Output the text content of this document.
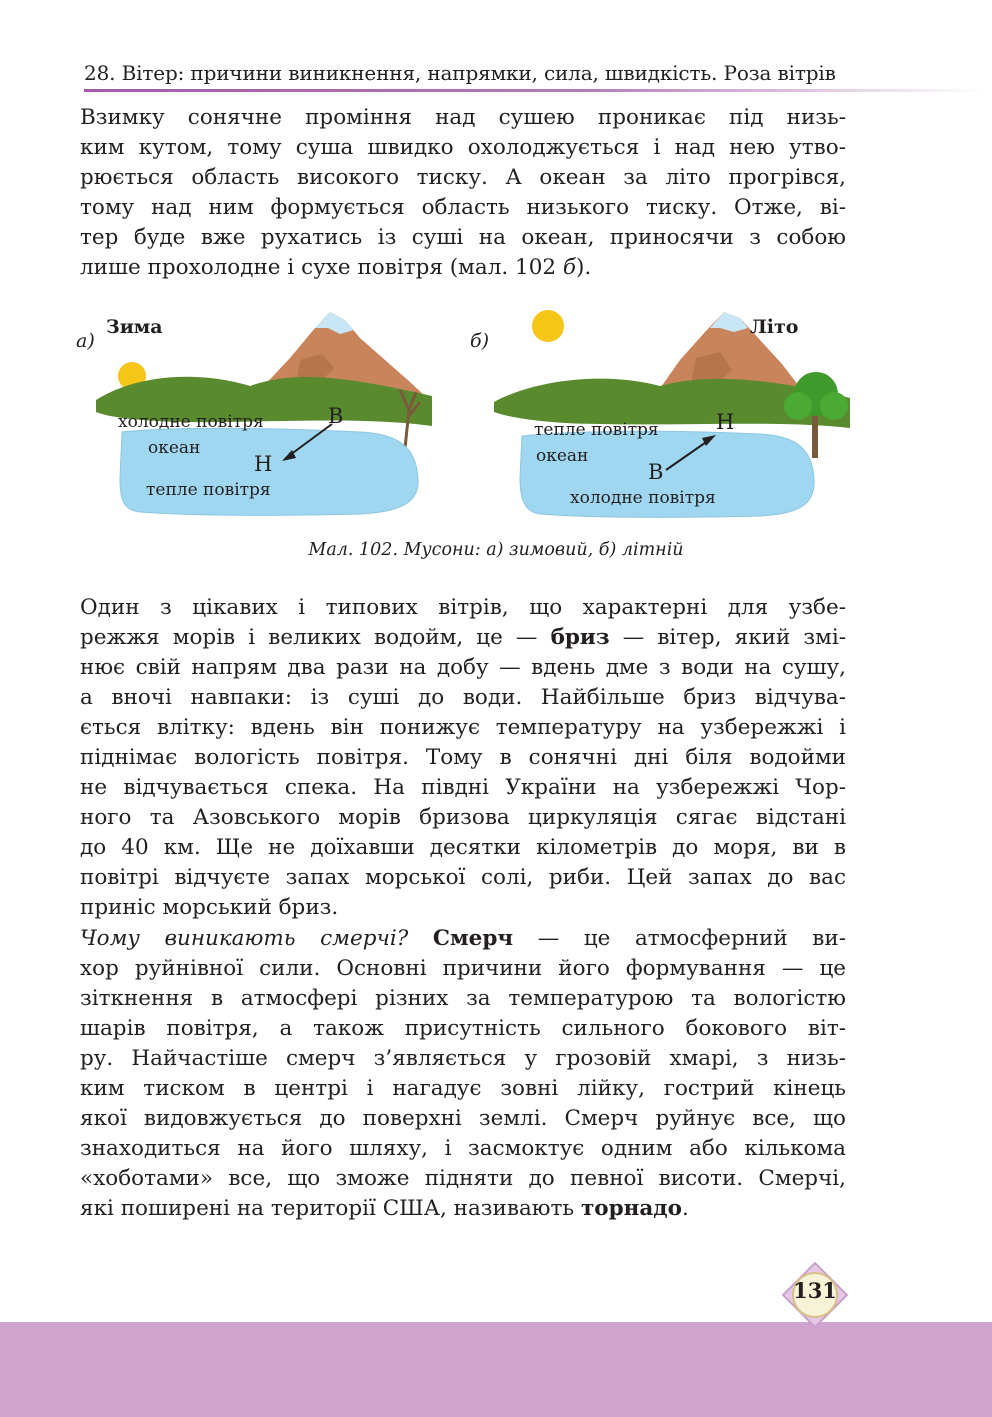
28. Вітер: причини виникнення, напрямки, сила, швидкість. Роза вітрів
Взимку сонячне проміння над сушею проникає під низь-
ким кутом, тому суша швидко охолоджується і над нею утво-
рюється область високого тиску. А океан за літо прогрівся,
тому над ним формується область низького тиску. Отже, ві-
тер буде вже рухатись із суші на океан, приносячи з собою
лише прохолодне і сухе повітря (мал. 102 б).
а)
Зима
холодне повітря	В
океан
Н
тепле повітря
б)
Літо
тепле повітря	Н
океан
В
холодне повітря
Мал. 102. Мусони: а) зимовий, б) літній
Один з цікавих і типових вітрів, що характерні для узбе-
режжя морів і великих водойм, це — бриз — вітер, який змі-
нює свій напрям два рази на добу — вдень дме з води на сушу,
а вночі навпаки: із суші до води. Найбільше бриз відчува-
ється влітку: вдень він понижує температуру на узбережжі і
піднімає вологість повітря. Тому в сонячні дні біля водойми
не відчувається спека. На півдні України на узбережжі Чор-
ного та Азовського морів бризова циркуляція сягає відстані
до 40 км. Ще не доїхавши десятки кілометрів до моря, ви в
повітрі відчуєте запах морської солі, риби. Цей запах до вас
приніс морський бриз.
Чому виникають смерчі? Смерч — це атмосферний ви-
хор руйнівної сили. Основні причини його формування — це
зіткнення в атмосфері різних за температурою та вологістю
шарів повітря, а також присутність сильного бокового віт-
ру. Найчастіше смерч з’являється у грозовій хмарі, з низь-
ким тиском в центрі і нагадує зовні лійку, гострий кінець
якої видовжується до поверхні землі. Смерч руйнує все, що
знаходиться на його шляху, і засмоктує одним або кількома
«хоботами» все, що зможе підняти до певної висоти. Смерчі,
які поширені на території США, називають торнадо.
131
